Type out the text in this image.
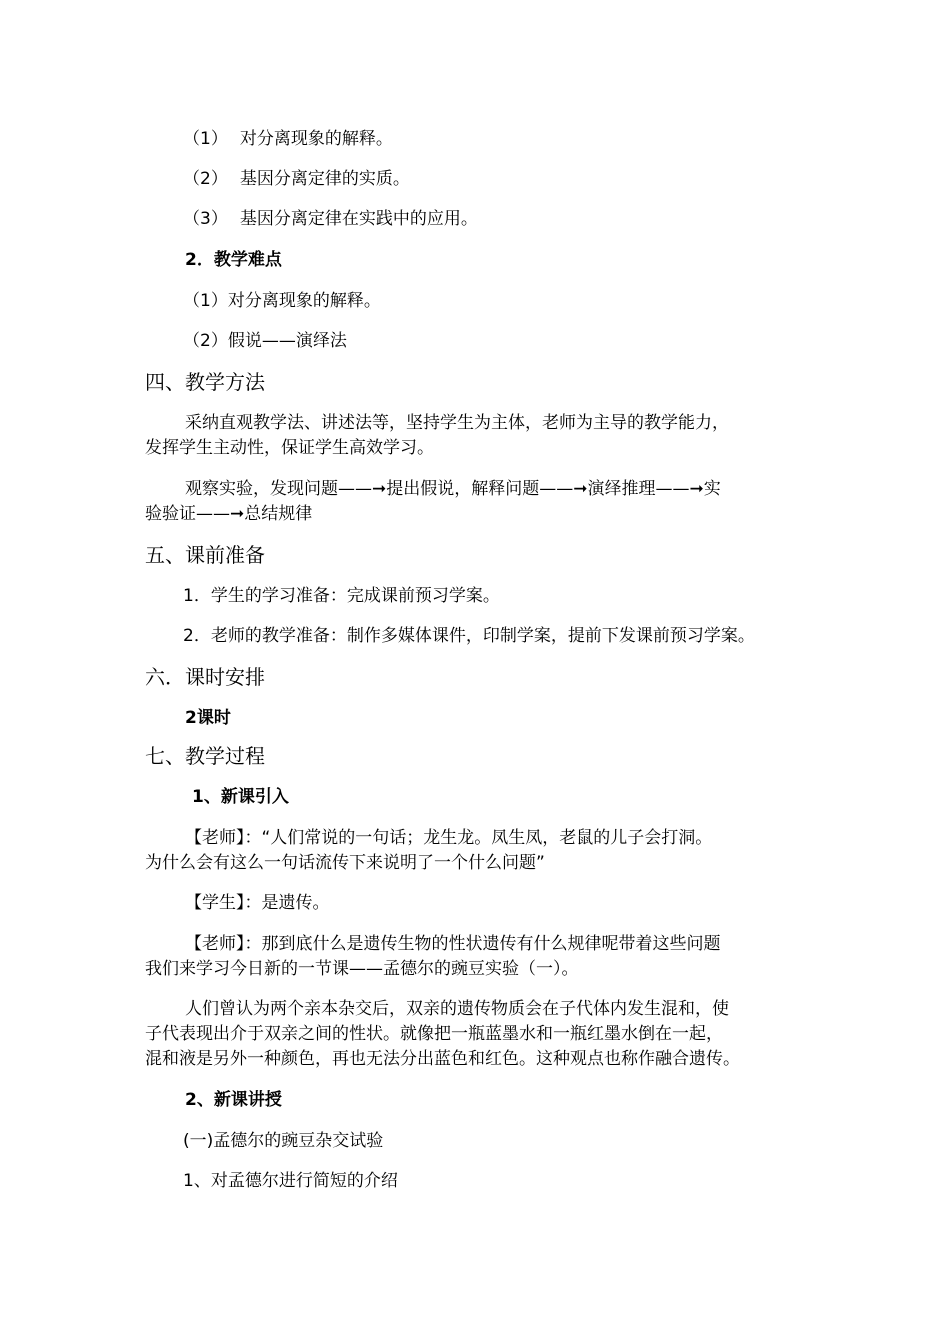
（1） 对分离现象的解释。
（2） 基因分离定律的实质。
（3） 基因分离定律在实践中的应用。
2．教学难点
（1）对分离现象的解释。
（2）假说——演绎法
四、教学方法
采纳直观教学法、讲述法等，坚持学生为主体，老师为主导的教学能力，
发挥学生主动性，保证学生高效学习。
观察实验，发现问题——➞提出假说，解释问题——➞演绎推理——➞实
验验证——➞总结规律
五、课前准备
1．学生的学习准备：完成课前预习学案。
2．老师的教学准备：制作多媒体课件，印制学案，提前下发课前预习学案。
六．课时安排
2课时
七、教学过程
1、新课引入
【老师】：“人们常说的一句话；龙生龙。凤生凤，老鼠的儿子会打洞。
为什么会有这么一句话流传下来说明了一个什么问题”
【学生】：是遗传。
【老师】：那到底什么是遗传生物的性状遗传有什么规律呢带着这些问题
我们来学习今日新的一节课——孟德尔的豌豆实验（一）。
人们曾认为两个亲本杂交后，双亲的遗传物质会在子代体内发生混和，使
子代表现出介于双亲之间的性状。就像把一瓶蓝墨水和一瓶红墨水倒在一起，
混和液是另外一种颜色，再也无法分出蓝色和红色。这种观点也称作融合遗传。
2、新课讲授
(一)孟德尔的豌豆杂交试验
1、对孟德尔进行简短的介绍
